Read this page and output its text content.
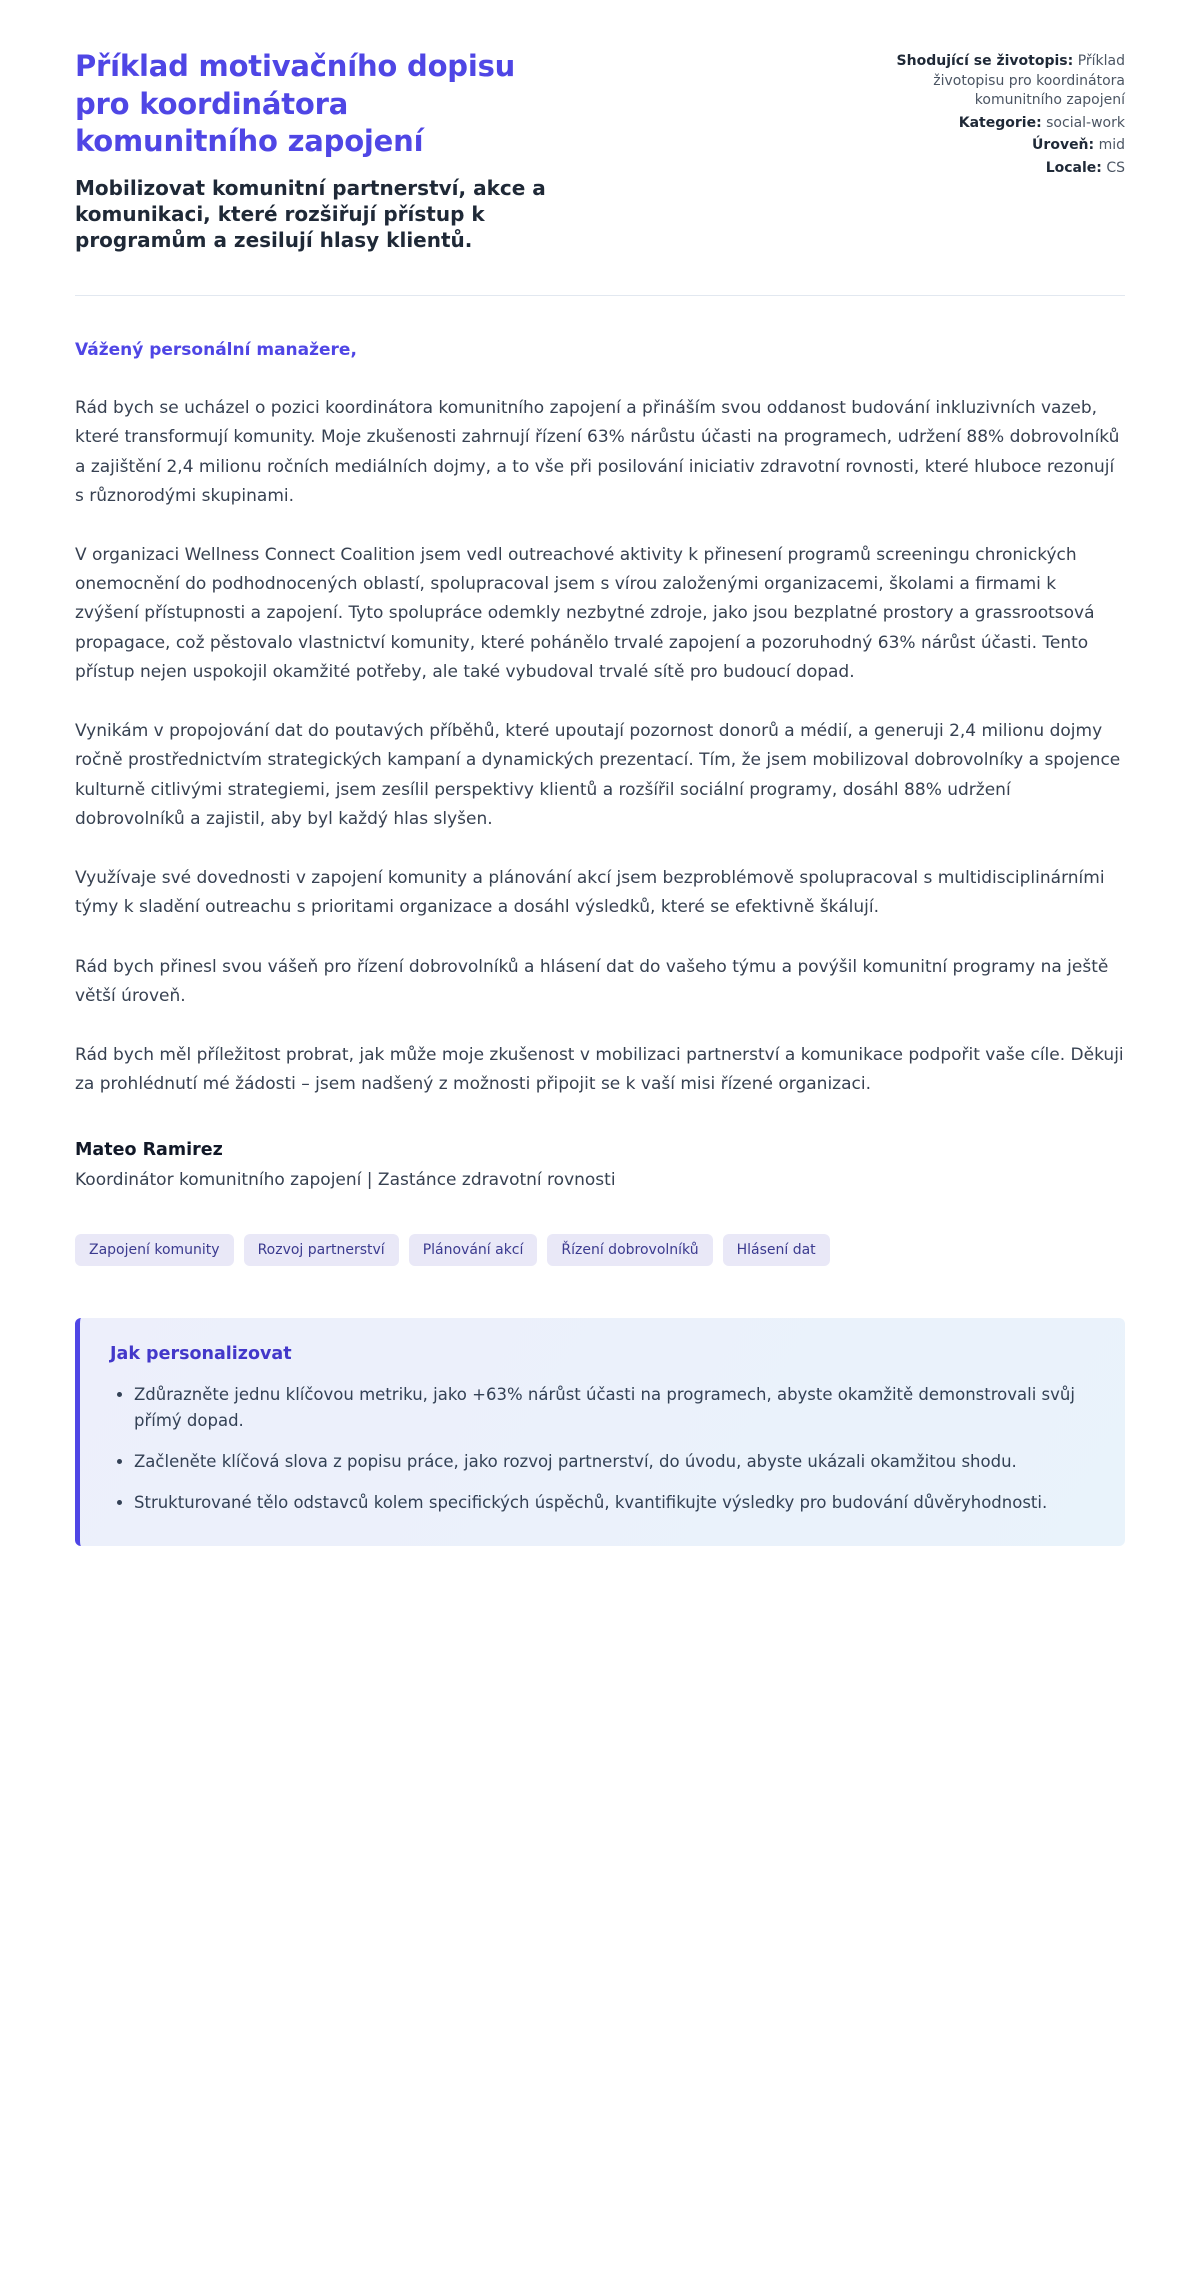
Příklad motivačního dopisu pro koordinátora komunitního zapojení

Mobilizovat komunitní partnerství, akce a komunikaci, které rozšiřují přístup k programům a zesilují hlasy klientů.

Shodující se životopis: Příklad životopisu pro koordinátora komunitního zapojení
Kategorie: social-work
Úroveň: mid
Locale: CS

Vážený personální manažere,

Rád bych se ucházel o pozici koordinátora komunitního zapojení a přináším svou oddanost budování inkluzivních vazeb, které transformují komunity. Moje zkušenosti zahrnují řízení 63% nárůstu účasti na programech, udržení 88% dobrovolníků a zajištění 2,4 milionu ročních mediálních dojmy, a to vše při posilování iniciativ zdravotní rovnosti, které hluboce rezonují s různorodými skupinami.

V organizaci Wellness Connect Coalition jsem vedl outreachové aktivity k přinesení programů screeningu chronických onemocnění do podhodnocených oblastí, spolupracoval jsem s vírou založenými organizacemi, školami a firmami k zvýšení přístupnosti a zapojení. Tyto spolupráce odemkly nezbytné zdroje, jako jsou bezplatné prostory a grassrootsová propagace, což pěstovalo vlastnictví komunity, které pohánělo trvalé zapojení a pozoruhodný 63% nárůst účasti. Tento přístup nejen uspokojil okamžité potřeby, ale také vybudoval trvalé sítě pro budoucí dopad.

Vynikám v propojování dat do poutavých příběhů, které upoutají pozornost donorů a médií, a generuji 2,4 milionu dojmy ročně prostřednictvím strategických kampaní a dynamických prezentací. Tím, že jsem mobilizoval dobrovolníky a spojence kulturně citlivými strategiemi, jsem zesílil perspektivy klientů a rozšířil sociální programy, dosáhl 88% udržení dobrovolníků a zajistil, aby byl každý hlas slyšen.

Využívaje své dovednosti v zapojení komunity a plánování akcí jsem bezproblémově spolupracoval s multidisciplinárními týmy k sladění outreachu s prioritami organizace a dosáhl výsledků, které se efektivně škálují.

Rád bych přinesl svou vášeň pro řízení dobrovolníků a hlásení dat do vašeho týmu a povýšil komunitní programy na ještě větší úroveň.

Rád bych měl příležitost probrat, jak může moje zkušenost v mobilizaci partnerství a komunikace podpořit vaše cíle. Děkuji za prohlédnutí mé žádosti – jsem nadšený z možnosti připojit se k vaší misi řízené organizaci.

Mateo Ramirez

Koordinátor komunitního zapojení | Zastánce zdravotní rovnosti

Zapojení komunity	Rozvoj partnerství	Plánování akcí	Řízení dobrovolníků	Hlásení dat
Jak personalizovat
• Zdůrazněte jednu klíčovou metriku, jako +63% nárůst účasti na programech, abyste okamžitě demonstrovali svůj přímý dopad.
• Začleněte klíčová slova z popisu práce, jako rozvoj partnerství, do úvodu, abyste ukázali okamžitou shodu.
• Strukturované tělo odstavců kolem specifických úspěchů, kvantifikujte výsledky pro budování důvěryhodnosti.
